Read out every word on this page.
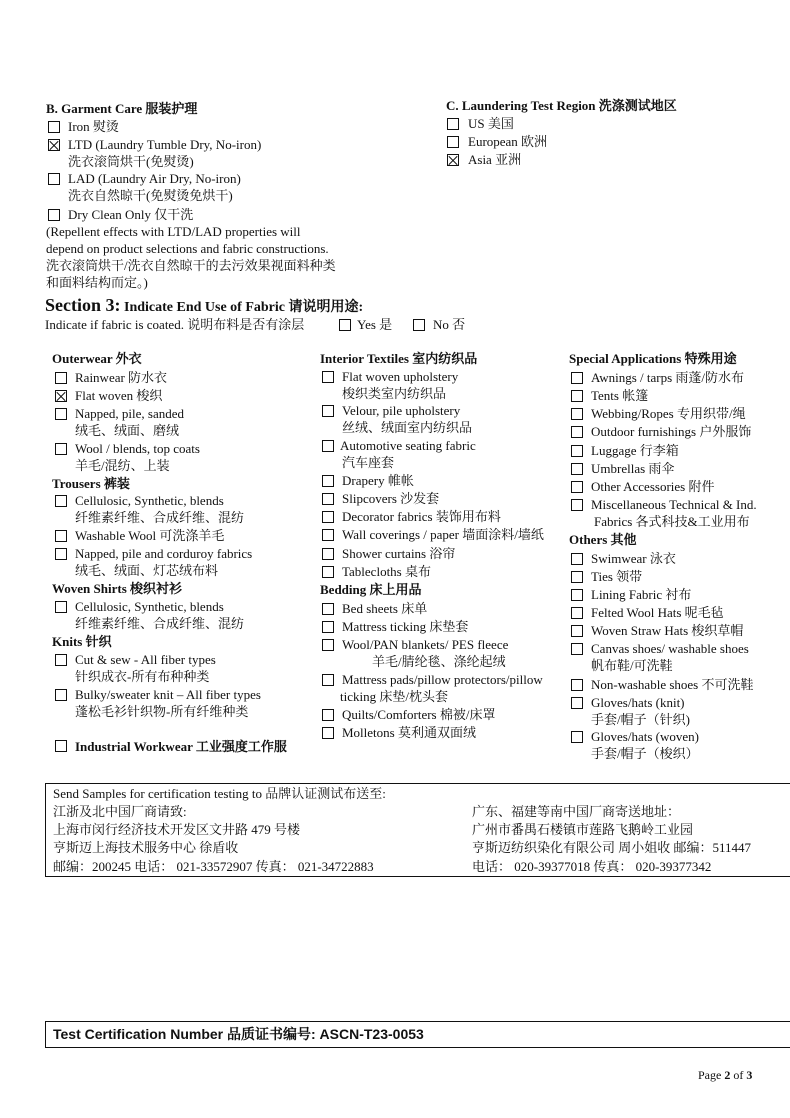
B. Garment Care 服装护理
Iron 熨烫
LTD (Laundry Tumble Dry, No-iron)
洗衣滚筒烘干(免熨烫)
LAD (Laundry Air Dry, No-iron)
洗衣自然晾干(免熨烫免烘干)
Dry Clean Only 仅干洗
(Repellent effects with LTD/LAD properties will
depend on product selections and fabric constructions.
洗衣滚筒烘干/洗衣自然晾干的去污效果视面料种类
和面料结构而定。)
C. Laundering Test Region 洗涤测试地区
US 美国
European 欧洲
Asia 亚洲
Section 3: Indicate End Use of Fabric 请说明用途:
Indicate if fabric is coated. 说明布料是否有涂层	Yes 是	No 否
Outerwear 外衣
Rainwear 防水衣
Flat woven 梭织
Napped, pile, sanded
绒毛、绒面、磨绒
Wool / blends, top coats
羊毛/混纺、上装
Trousers 裤装
Cellulosic, Synthetic, blends
纤维素纤维、合成纤维、混纺
Washable Wool 可洗涤羊毛
Napped, pile and corduroy fabrics
绒毛、绒面、灯芯绒布料
Woven Shirts 梭织衬衫
Cellulosic, Synthetic, blends
纤维素纤维、合成纤维、混纺
Knits 针织
Cut & sew - All fiber types
针织成衣-所有布种种类
Bulky/sweater knit – All fiber types
蓬松毛衫针织物-所有纤维种类
Industrial Workwear 工业强度工作服
Interior Textiles 室内纺织品
Flat woven upholstery
梭织类室内纺织品
Velour, pile upholstery
丝绒、绒面室内纺织品
Automotive seating fabric
汽车座套
Drapery 帷帐
Slipcovers 沙发套
Decorator fabrics 装饰用布料
Wall coverings / paper 墙面涂料/墙纸
Shower curtains 浴帘
Tablecloths 桌布
Bedding 床上用品
Bed sheets 床单
Mattress ticking 床垫套
Wool/PAN blankets/ PES fleece
羊毛/腈纶毯、涤纶起绒
Mattress pads/pillow protectors/pillow
ticking 床垫/枕头套
Quilts/Comforters 棉被/床罩
Molletons 莫利通双面绒
Special Applications 特殊用途
Awnings / tarps 雨蓬/防水布
Tents 帐篷
Webbing/Ropes 专用织带/绳
Outdoor furnishings 户外服饰
Luggage 行李箱
Umbrellas 雨伞
Other Accessories 附件
Miscellaneous Technical & Ind.
Fabrics 各式科技&工业用布
Others 其他
Swimwear 泳衣
Ties 领带
Lining Fabric 衬布
Felted Wool Hats 呢毛毡
Woven Straw Hats 梭织草帽
Canvas shoes/ washable shoes
帆布鞋/可洗鞋
Non-washable shoes 不可洗鞋
Gloves/hats (knit)
手套/帽子（针织)
Gloves/hats (woven)
手套/帽子（梭织）
Send Samples for certification testing to 品牌认证测试布送至:
江浙及北中国厂商请致:
上海市闵行经济技术开发区文井路 479 号楼
亨斯迈上海技术服务中心 徐盾收
邮编：200245 电话： 021-33572907 传真： 021-34722883
广东、福建等南中国厂商寄送地址：
广州市番禺石楼镇市莲路飞鹅岭工业园
亨斯迈纺织染化有限公司 周小姐收 邮编：511447
电话： 020-39377018 传真： 020-39377342
Test Certification Number 品质证书编号: ASCN-T23-0053
Page 2 of 3
